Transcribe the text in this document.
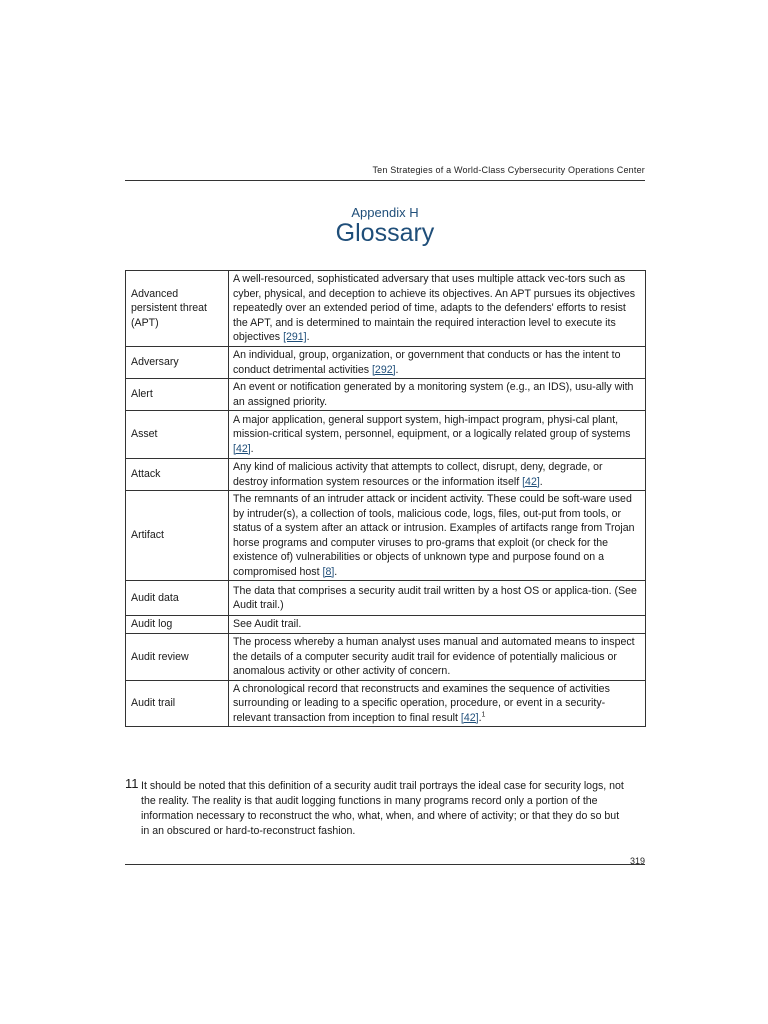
Ten Strategies of a World-Class Cybersecurity Operations Center
Appendix H
Glossary
Advanced persistent threat (APT)	A well-resourced, sophisticated adversary that uses multiple attack vec-tors such as cyber, physical, and deception to achieve its objectives. An APT pursues its objectives repeatedly over an extended period of time, adapts to the defenders' efforts to resist the APT, and is determined to maintain the required interaction level to execute its objectives [291].
Adversary	An individual, group, organization, or government that conducts or has the intent to conduct detrimental activities [292].
Alert	An event or notification generated by a monitoring system (e.g., an IDS), usu-ally with an assigned priority.
Asset	A major application, general support system, high-impact program, physi-cal plant, mission-critical system, personnel, equipment, or a logically related group of systems [42].
Attack	Any kind of malicious activity that attempts to collect, disrupt, deny, degrade, or destroy information system resources or the information itself [42].
Artifact	The remnants of an intruder attack or incident activity. These could be soft-ware used by intruder(s), a collection of tools, malicious code, logs, files, out-put from tools, or status of a system after an attack or intrusion. Examples of artifacts range from Trojan horse programs and computer viruses to pro-grams that exploit (or check for the existence of) vulnerabilities or objects of unknown type and purpose found on a compromised host [8].
Audit data	The data that comprises a security audit trail written by a host OS or applica-tion. (See Audit trail.)
Audit log	See Audit trail.
Audit review	The process whereby a human analyst uses manual and automated means to inspect the details of a computer security audit trail for evidence of potentially malicious or anomalous activity or other activity of concern.
Audit trail	A chronological record that reconstructs and examines the sequence of activities surrounding or leading to a specific operation, procedure, or event in a security-relevant transaction from inception to final result [42].$^1$
11 It should be noted that this definition of a security audit trail portrays the ideal case for security logs, not the reality. The reality is that audit logging functions in many programs record only a portion of the information necessary to reconstruct the who, what, when, and where of activity; or that they do so but in an obscured or hard-to-reconstruct fashion.
319
